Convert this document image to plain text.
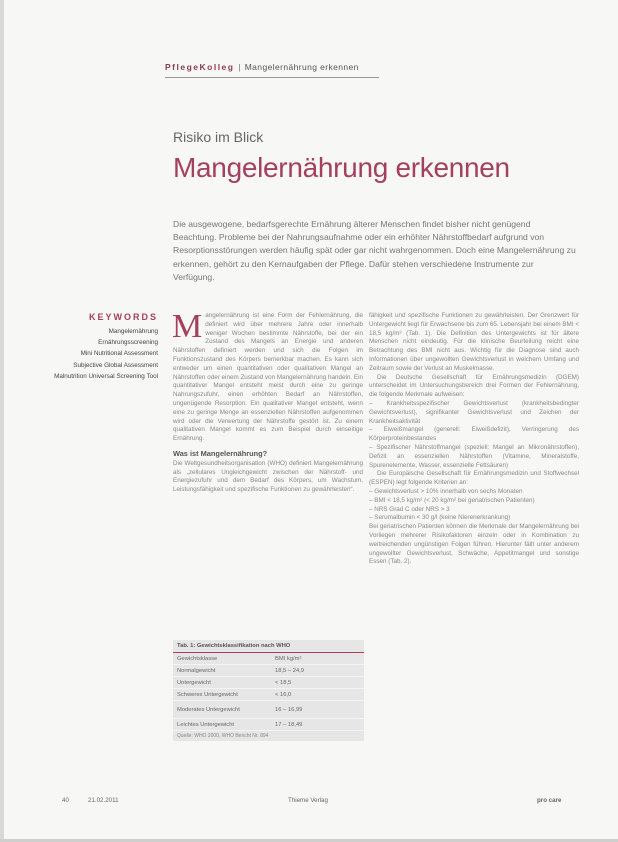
PflegeKolleg | Mangelernährung erkennen
Risiko im Blick
Mangelernährung erkennen
Die ausgewogene, bedarfsgerechte Ernährung älterer Menschen findet bisher nicht genügend Beachtung. Probleme bei der Nahrungsaufnahme oder ein erhöhter Nährstoffbedarf aufgrund von Resorptionsstörungen werden häufig spät oder gar nicht wahrgenommen. Doch eine Mangelernährung zu erkennen, gehört zu den Kernaufgaben der Pflege. Dafür stehen verschiedene Instrumente zur Verfügung.
KEYWORDS
Mangelernährung
Ernährungsscreening
Mini Nutritional Assessment
Subjective Global Assessment
Malnutrition Universal Screening Tool
M angelernährung ist eine Form der Fehlernährung, die definiert wird über mehrere Jahre oder innerhalb weniger Wochen bestimmte Nährstoffe, bei der ein Zustand des Mangels an Energie und anderen Nährstoffen definiert werden und sich die Folgen im Funktionszustand des Körpers bemerkbar machen. Es kann sich entweder um einen quantitativen oder qualitativen Mangel an Nährstoffen oder einem Zustand von Mangelernährung handeln. Ein quantitativer Mangel entsteht meist durch eine zu geringe Nahrungszufuhr, einen erhöhten Bedarf an Nährstoffen, ungenügende Resorption. Ein qualitativer Mangel entsteht, wenn eine zu geringe Menge an essenziellen Nährstoffen aufgenommen wird oder die Verwertung der Nährstoffe gestört ist. Zu einem qualitativen Mangel kommt es zum Beispiel durch einseitige Ernährung.
Was ist Mangelernährung?
Die Weltgesundheitsorganisation (WHO) definiert Mangelernährung als „zellulares Ungleichgewicht zwischen der Nährstoff- und Energiezufuhr und dem Bedarf des Körpers, um Wachstum, Leistungsfähigkeit und spezifische Funktionen zu gewährleisten“.
fähigkeit und spezifische Funktionen zu gewährleisten. Der Grenzwert für Untergewicht liegt für Erwachsene bis zum 65. Lebensjahr bei einem BMI < 18,5 kg/m² (Tab. 1). Die Definition des Untergewichts ist für ältere Menschen nicht eindeutig. Für die klinische Beurteilung reicht eine Betrachtung des BMI nicht aus. Wichtig für die Diagnose sind auch Informationen über ungewollten Gewichtsverlust in welchem Umfang und Zeitraum sowie der Verlust an Muskelmasse.
Die Deutsche Gesellschaft für Ernährungsmedizin (DGEM) unterscheidet im Untersuchungsbereich drei Formen der Fehlernährung, die folgende Merkmale aufweisen:
– Krankheitsspezifischer Gewichtsverlust (krankheitsbedingter Gewichtsverlust), signifikanter Gewichtsverlust und Zeichen der Krankheitsaktivität
– Eiweißmangel (generell: Eiweißdefizit), Verringerung des Körperproteinbestandes
– Spezifischer Nährstoffmangel (speziell: Mangel an Mikronährstoffen), Defizit an essenziellen Nährstoffen (Vitamine, Mineralstoffe, Spurenelemente, Wasser, essenzielle Fettsäuren)
Die Europäische Gesellschaft für Ernährungsmedizin und Stoffwechsel (ESPEN) legt folgende Kriterien an:
– Gewichtsverlust > 10% innerhalb von sechs Monaten
– BMI < 18,5 kg/m² (< 20 kg/m² bei geriatrischen Patienten)
– NRS Grad C oder NRS > 3
– Serumalbumin < 30 g/l (keine Nierenerkrankung)
Bei geriatrischen Patienten können die Merkmale der Mangelernährung bei Vorliegen mehrerer Risikofaktoren einzeln oder in Kombination zu weitreichenden ungünstigen Folgen führen. Hierunter fällt unter anderem ungewollter Gewichtsverlust, Schwäche, Appetitmangel und sonstige Essen (Tab. 2).
Tab. 1: Gewichtsklassifikation nach WHO
Gewichtsklasse	BMI kg/m²
Normalgewicht	18,5 – 24,9
Untergewicht	< 18,5
Schweres Untergewicht	< 16,0
Moderates Untergewicht	16 – 16,99
Leichtes Untergewicht	17 – 18,49
Quelle: WHO 2000, WHO Bericht Nr. 894
40	21.02.2011	Thieme Verlag	pro care
